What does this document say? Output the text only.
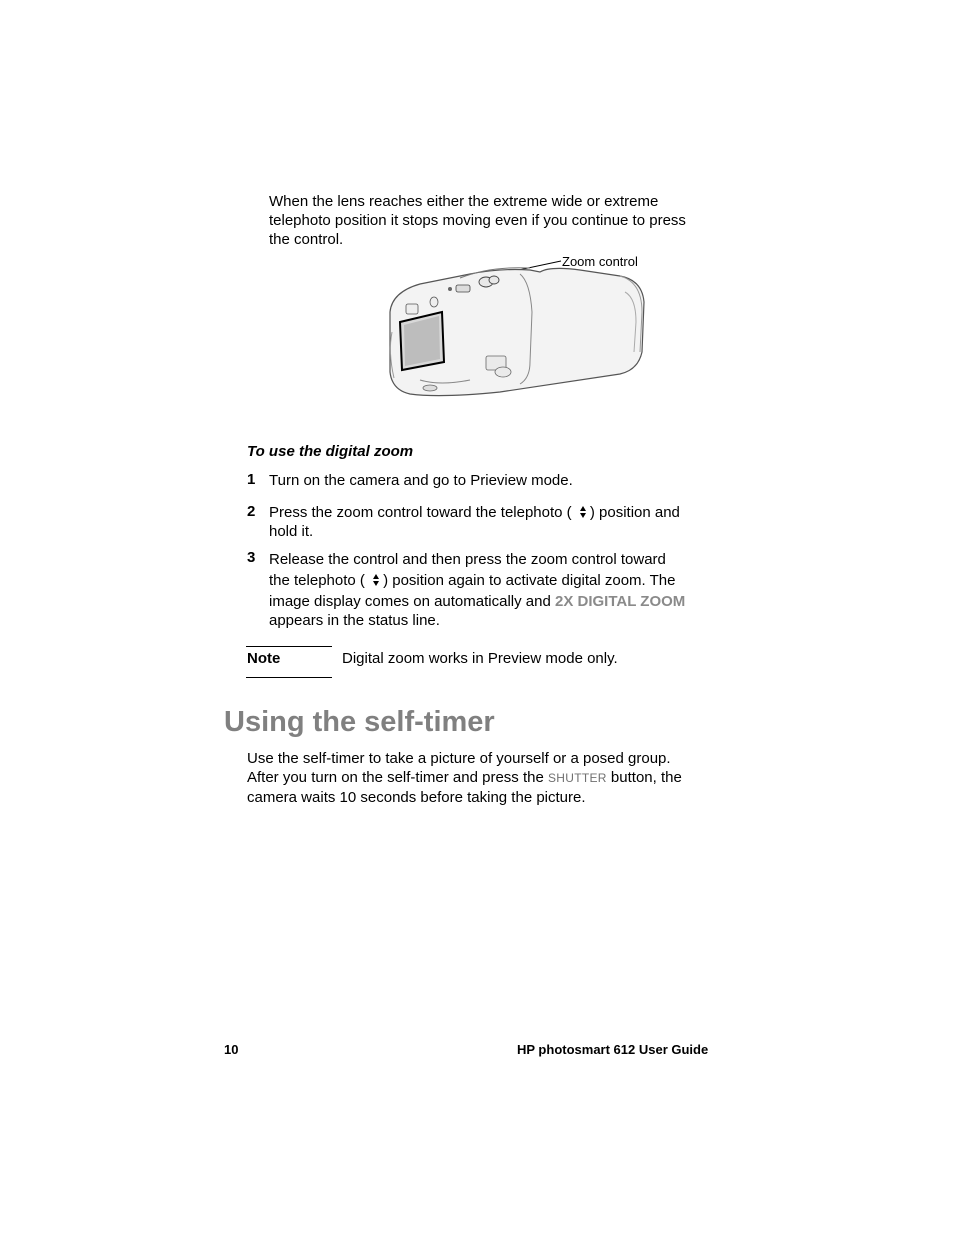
When the lens reaches either the extreme wide or extreme
telephoto position it stops moving even if you continue to press
the control.
Zoom control
To use the digital zoom
1 Turn on the camera and go to Prieview mode.
2 Press the zoom control toward the telephoto ( ) position and
hold it.
3 Release the control and then press the zoom control toward
the telephoto ( ) position again to activate digital zoom. The
image display comes on automatically and 2X DIGITAL ZOOM
appears in the status line.
Note	Digital zoom works in Preview mode only.
Using the self-timer
Use the self-timer to take a picture of yourself or a posed group.
After you turn on the self-timer and press the SHUTTER button, the
camera waits 10 seconds before taking the picture.
10	HP photosmart 612 User Guide
